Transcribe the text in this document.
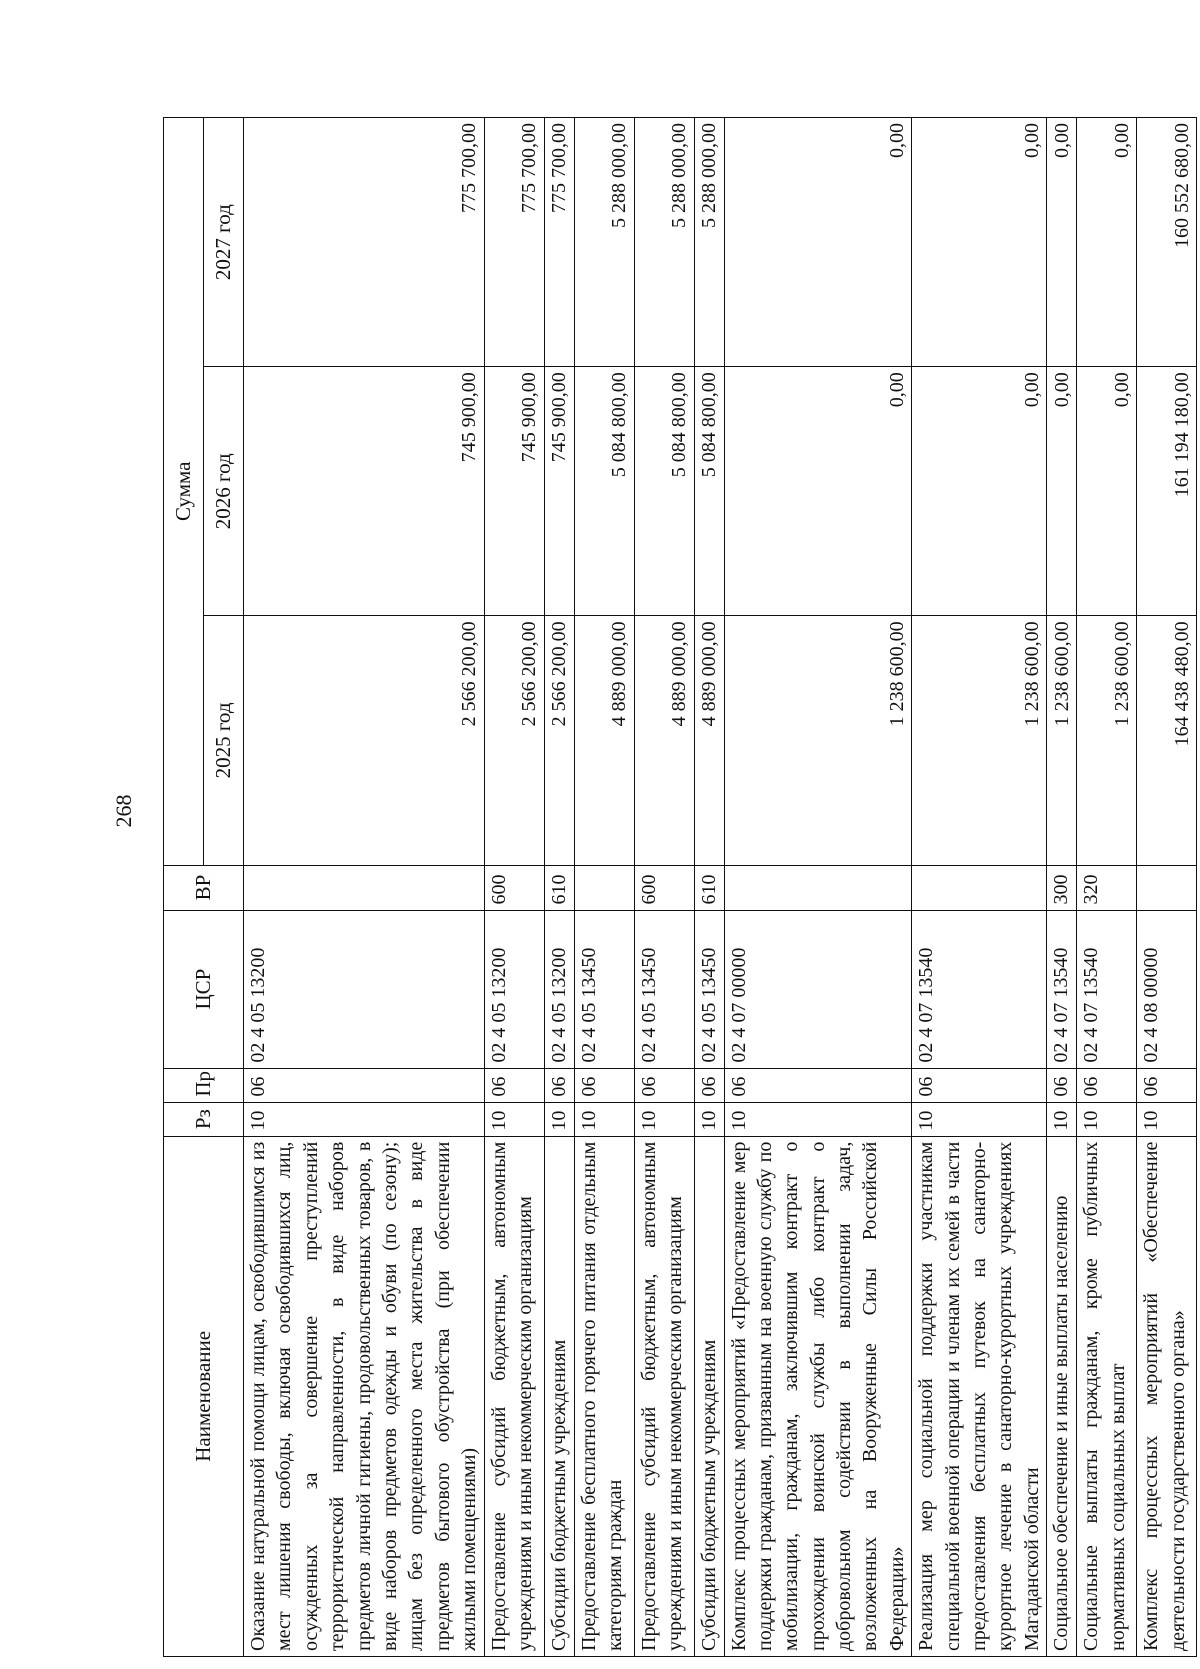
268
Наименование	Рз	Пр	ЦСР	ВР	Сумма		
					2025 год	2026 год	2027 год
Оказание натуральной помощи лицам, освободившимся из мест лишения свободы, включая освободившихся лиц, осужденных за совершение преступлений террористической направленности, в виде наборов предметов личной гигиены, продовольственных товаров, в виде наборов предметов одежды и обуви (по сезону); лицам без определенного места жительства в виде предметов бытового обустройства (при обеспечении жилыми помещениями)	10	06	02 4 05 13200		2 566 200,00	745 900,00	775 700,00
Предоставление субсидий бюджетным, автономным учреждениям и иным некоммерческим организациям	10	06	02 4 05 13200	600	2 566 200,00	745 900,00	775 700,00
Субсидии бюджетным учреждениям	10	06	02 4 05 13200	610	2 566 200,00	745 900,00	775 700,00
Предоставление бесплатного горячего питания отдельным категориям граждан	10	06	02 4 05 13450		4 889 000,00	5 084 800,00	5 288 000,00
Предоставление субсидий бюджетным, автономным учреждениям и иным некоммерческим организациям	10	06	02 4 05 13450	600	4 889 000,00	5 084 800,00	5 288 000,00
Субсидии бюджетным учреждениям	10	06	02 4 05 13450	610	4 889 000,00	5 084 800,00	5 288 000,00
Комплекс процессных мероприятий «Предоставление мер поддержки гражданам, призванным на военную службу по мобилизации, гражданам, заключившим контракт о прохождении воинской службы либо контракт о добровольном содействии в выполнении задач, возложенных на Вооруженные Силы Российской Федерации»	10	06	02 4 07 00000		1 238 600,00	0,00	0,00
Реализация мер социальной поддержки участникам специальной военной операции и членам их семей в части предоставления бесплатных путевок на санаторно-курортное лечение в санаторно-курортных учреждениях Магаданской области	10	06	02 4 07 13540		1 238 600,00	0,00	0,00
Социальное обеспечение и иные выплаты населению	10	06	02 4 07 13540	300	1 238 600,00	0,00	0,00
Социальные выплаты гражданам, кроме публичных нормативных социальных выплат	10	06	02 4 07 13540	320	1 238 600,00	0,00	0,00
Комплекс процессных мероприятий «Обеспечение деятельности государственного органа»	10	06	02 4 08 00000		164 438 480,00	161 194 180,00	160 552 680,00
